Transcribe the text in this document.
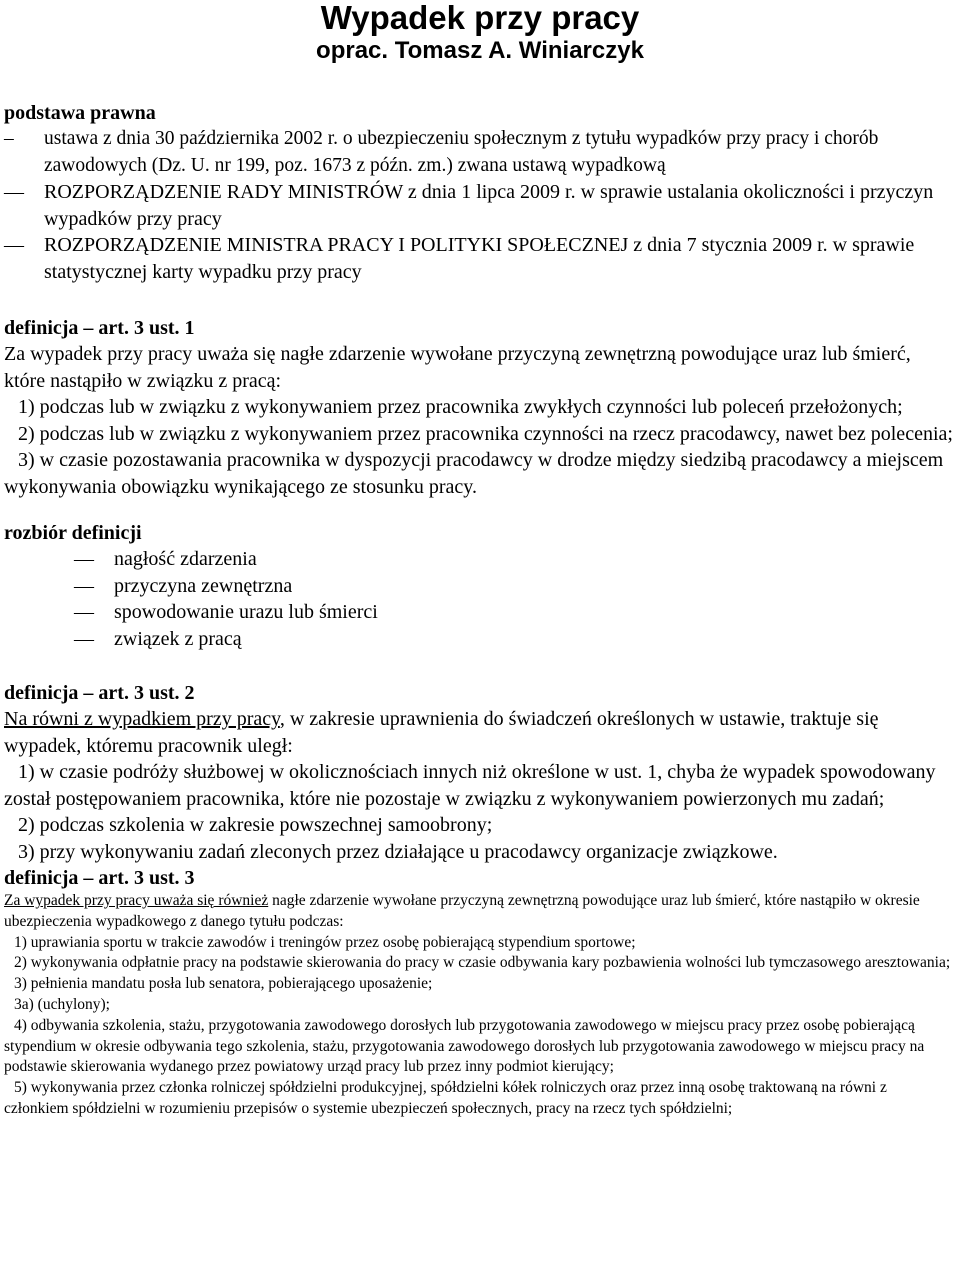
Wypadek przy pracy
oprac. Tomasz A. Winiarczyk
podstawa prawna
–	ustawa z dnia 30 października 2002 r. o ubezpieczeniu społecznym z tytułu wypadków przy pracy i chorób zawodowych (Dz. U. nr 199, poz. 1673 z późn. zm.) zwana ustawą wypadkową
—	ROZPORZĄDZENIE RADY MINISTRÓW z dnia 1 lipca 2009 r. w sprawie ustalania okoliczności i przyczyn wypadków przy pracy
—	ROZPORZĄDZENIE MINISTRA PRACY I POLITYKI SPOŁECZNEJ z dnia 7 stycznia 2009 r. w sprawie statystycznej karty wypadku przy pracy
definicja – art. 3 ust. 1
Za wypadek przy pracy uważa się nagłe zdarzenie wywołane przyczyną zewnętrzną powodujące uraz lub śmierć, które nastąpiło w związku z pracą:
1) podczas lub w związku z wykonywaniem przez pracownika zwykłych czynności lub poleceń przełożonych;
2) podczas lub w związku z wykonywaniem przez pracownika czynności na rzecz pracodawcy, nawet bez polecenia;
3) w czasie pozostawania pracownika w dyspozycji pracodawcy w drodze między siedzibą pracodawcy a miejscem wykonywania obowiązku wynikającego ze stosunku pracy.
rozbiór definicji
— nagłość zdarzenia
— przyczyna zewnętrzna
— spowodowanie urazu lub śmierci
— związek z pracą
definicja – art. 3 ust. 2
Na równi z wypadkiem przy pracy, w zakresie uprawnienia do świadczeń określonych w ustawie, traktuje się wypadek, któremu pracownik uległ:
1) w czasie podróży służbowej w okolicznościach innych niż określone w ust. 1, chyba że wypadek spowodowany został postępowaniem pracownika, które nie pozostaje w związku z wykonywaniem powierzonych mu zadań;
2) podczas szkolenia w zakresie powszechnej samoobrony;
3) przy wykonywaniu zadań zleconych przez działające u pracodawcy organizacje związkowe.
definicja – art. 3 ust. 3
Za wypadek przy pracy uważa się również nagłe zdarzenie wywołane przyczyną zewnętrzną powodujące uraz lub śmierć, które nastąpiło w okresie ubezpieczenia wypadkowego z danego tytułu podczas:
1) uprawiania sportu w trakcie zawodów i treningów przez osobę pobierającą stypendium sportowe;
2) wykonywania odpłatnie pracy na podstawie skierowania do pracy w czasie odbywania kary pozbawienia wolności lub tymczasowego aresztowania;
3) pełnienia mandatu posła lub senatora, pobierającego uposażenie;
3a) (uchylony);
4) odbywania szkolenia, stażu, przygotowania zawodowego dorosłych lub przygotowania zawodowego w miejscu pracy przez osobę pobierającą stypendium w okresie odbywania tego szkolenia, stażu, przygotowania zawodowego dorosłych lub przygotowania zawodowego w miejscu pracy na podstawie skierowania wydanego przez powiatowy urząd pracy lub przez inny podmiot kierujący;
5) wykonywania przez członka rolniczej spółdzielni produkcyjnej, spółdzielni kółek rolniczych oraz przez inną osobę traktowaną na równi z członkiem spółdzielni w rozumieniu przepisów o systemie ubezpieczeń społecznych, pracy na rzecz tych spółdzielni;
